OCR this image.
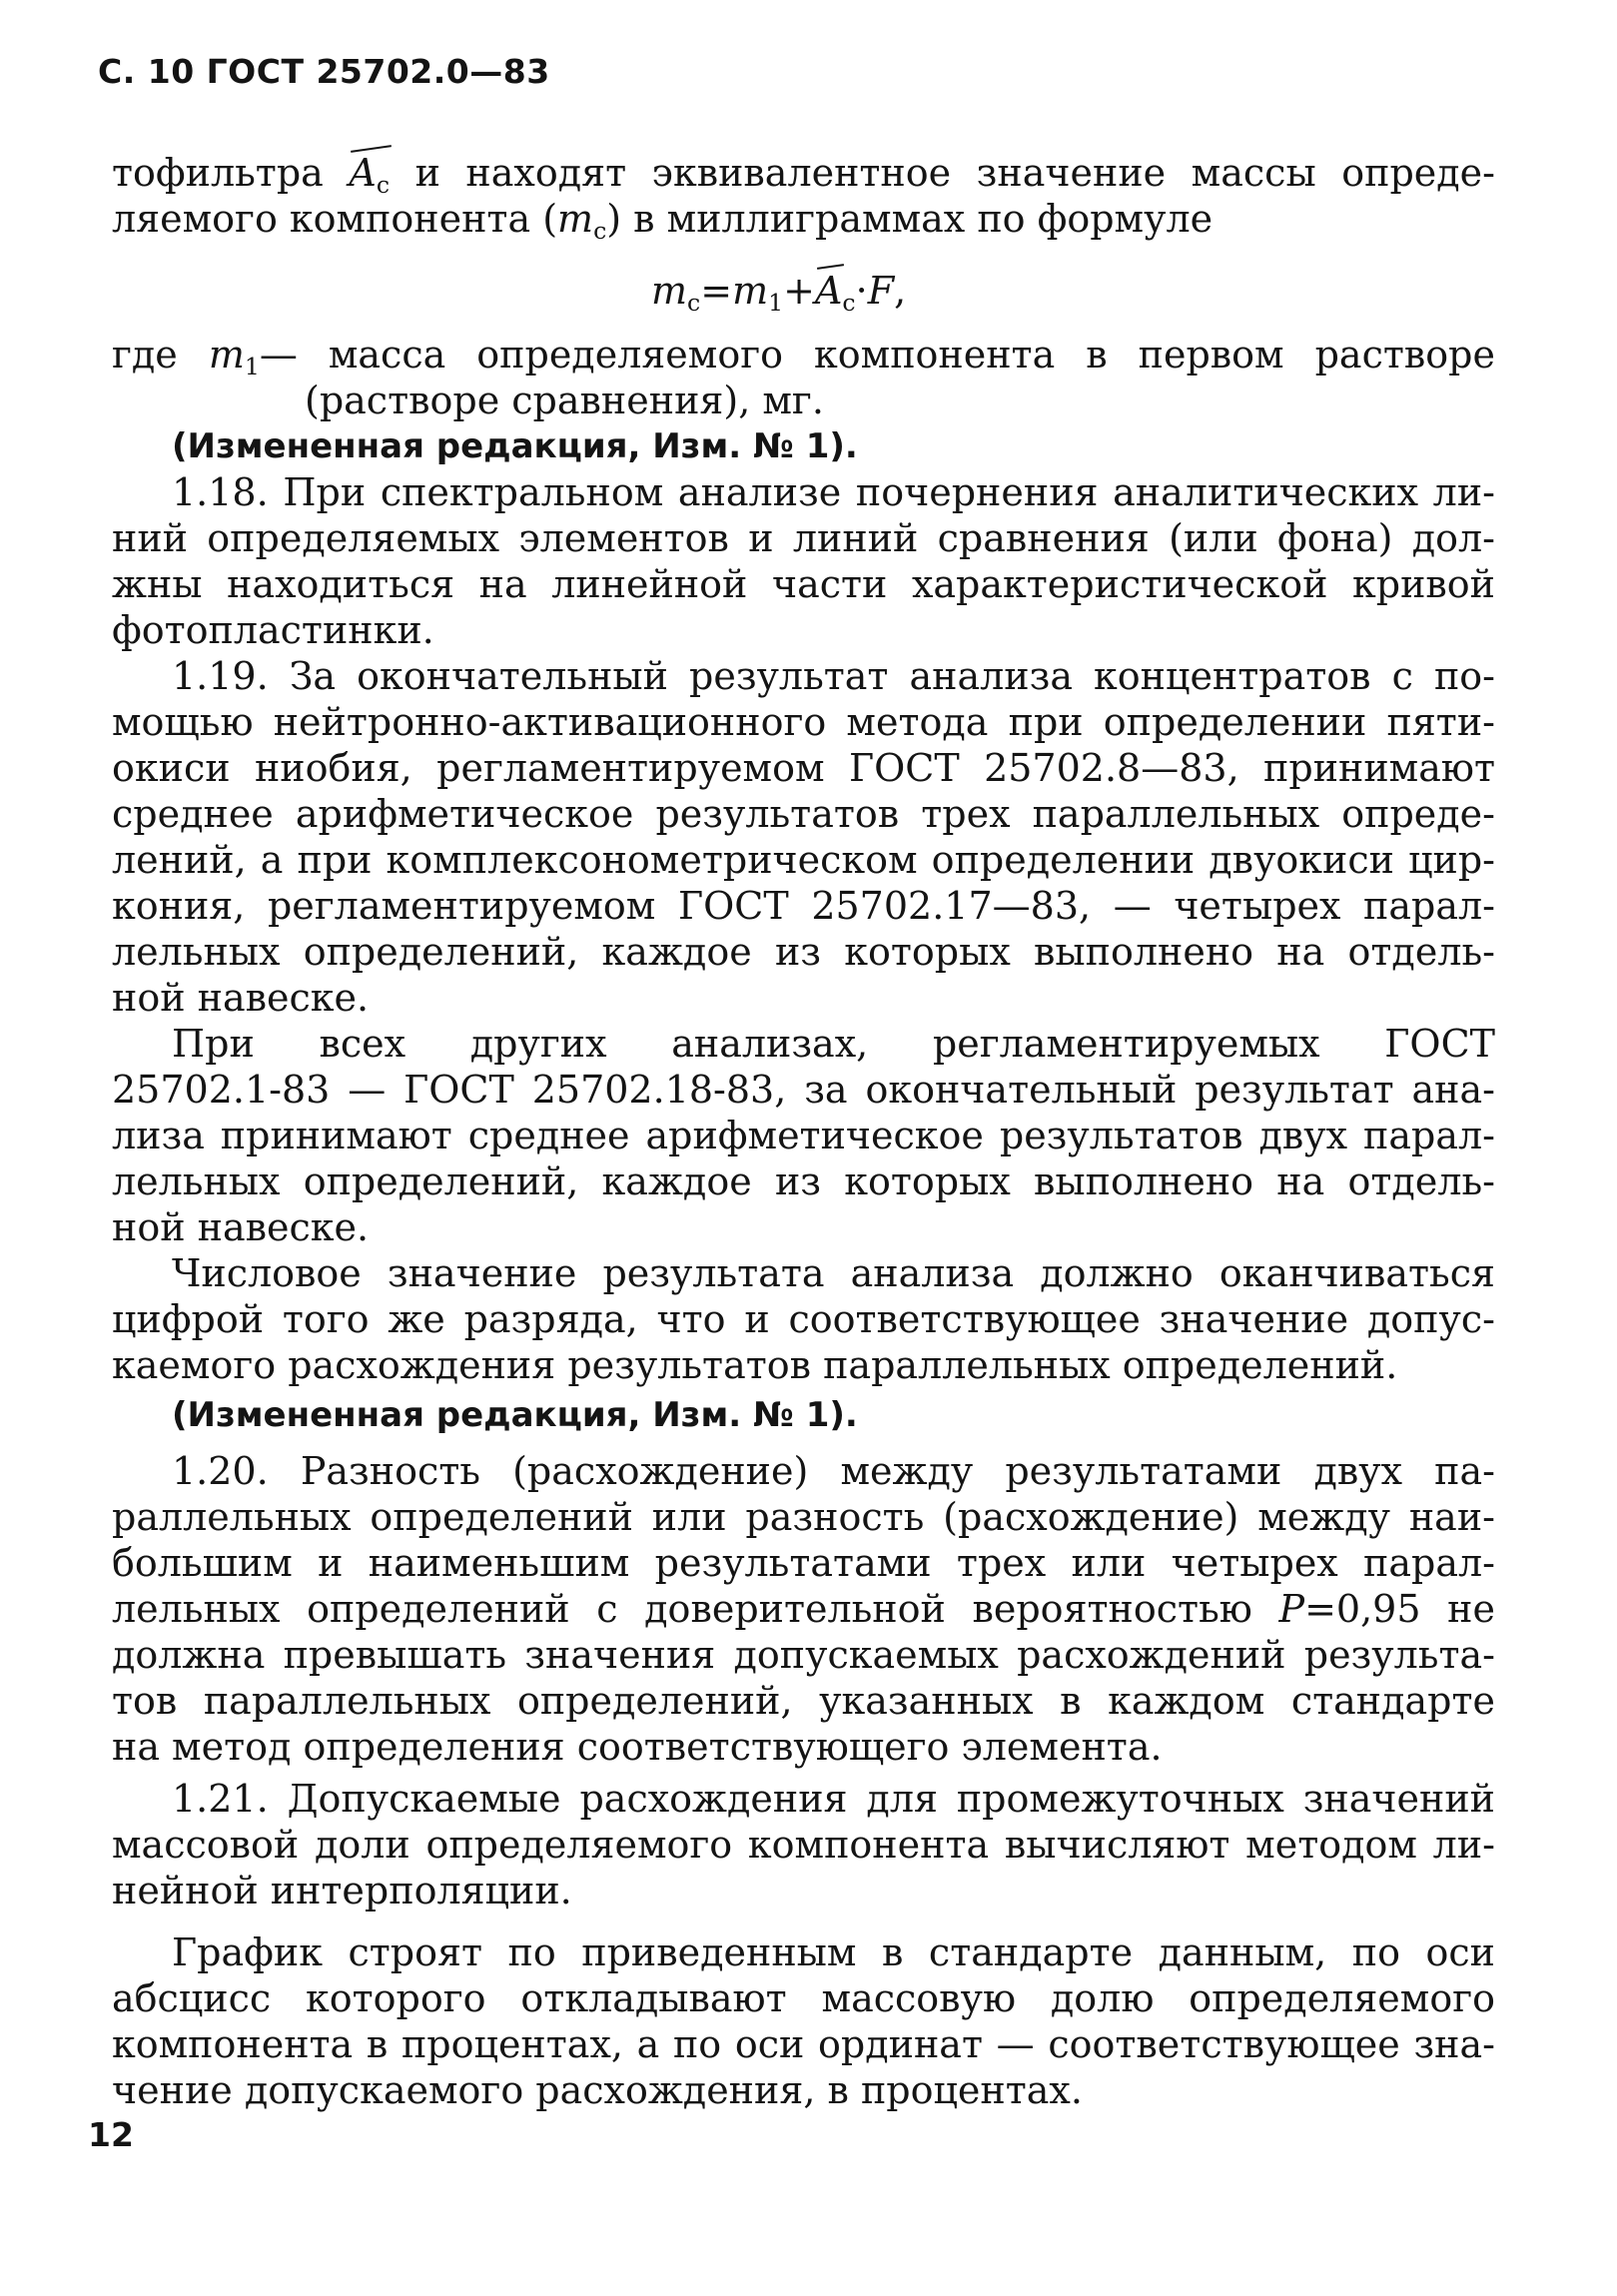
С. 10 ГОСТ 25702.0—83
тофильтра Aс и находят эквивалентное значение массы опреде-
ляемого компонента (mс) в миллиграммах по формуле
mс=m1+Aс·F,
где m1— масса определяемого компонента в первом растворе
(растворе сравнения), мг.
(Измененная редакция, Изм. № 1).
1.18. При спектральном анализе почернения аналитических ли-
ний определяемых элементов и линий сравнения (или фона) дол-
жны находиться на линейной части характеристической кривой
фотопластинки.
1.19. За окончательный результат анализа концентратов с по-
мощью нейтронно-активационного метода при определении пяти-
окиси ниобия, регламентируемом ГОСТ 25702.8—83, принимают
среднее арифметическое результатов трех параллельных опреде-
лений, а при комплексонометрическом определении двуокиси цир-
кония, регламентируемом ГОСТ 25702.17—83, — четырех парал-
лельных определений, каждое из которых выполнено на отдель-
ной навеске.
При всех других анализах, регламентируемых ГОСТ
25702.1-83 — ГОСТ 25702.18-83, за окончательный результат ана-
лиза принимают среднее арифметическое результатов двух парал-
лельных определений, каждое из которых выполнено на отдель-
ной навеске.
Числовое значение результата анализа должно оканчиваться
цифрой того же разряда, что и соответствующее значение допус-
каемого расхождения результатов параллельных определений.
(Измененная редакция, Изм. № 1).
1.20. Разность (расхождение) между результатами двух па-
раллельных определений или разность (расхождение) между наи-
большим и наименьшим результатами трех или четырех парал-
лельных определений с доверительной вероятностью P=0,95 не
должна превышать значения допускаемых расхождений результа-
тов параллельных определений, указанных в каждом стандарте
на метод определения соответствующего элемента.
1.21. Допускаемые расхождения для промежуточных значений
массовой доли определяемого компонента вычисляют методом ли-
нейной интерполяции.
График строят по приведенным в стандарте данным, по оси
абсцисс которого откладывают массовую долю определяемого
компонента в процентах, а по оси ординат — соответствующее зна-
чение допускаемого расхождения, в процентах.
12
